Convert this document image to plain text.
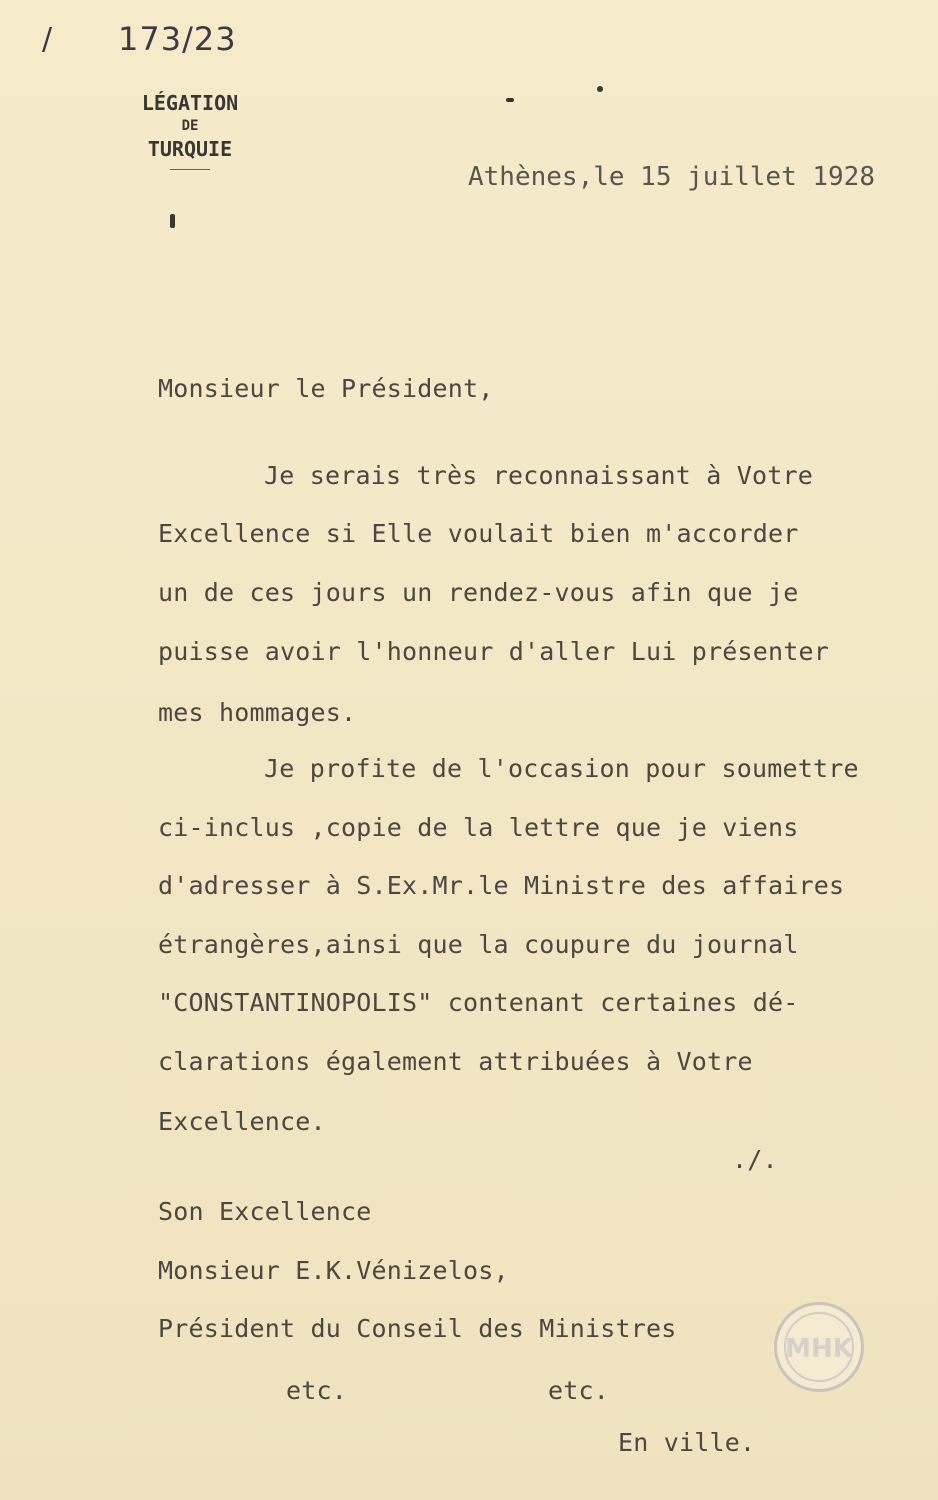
/ 173/23
LÉGATION
DE
TURQUIE
Athènes,le 15 juillet 1928
Monsieur le Président,
Je serais très reconnaissant à Votre
Excellence si Elle voulait bien m'accorder
un de ces jours un rendez-vous afin que je
puisse avoir l'honneur d'aller Lui présenter
mes hommages.
Je profite de l'occasion pour soumettre
ci-inclus ,copie de la lettre que je viens
d'adresser à S.Ex.Mr.le Ministre des affaires
étrangères,ainsi que la coupure du journal
"CONSTANTINOPOLIS" contenant certaines dé-
clarations également attribuées à Votre
Excellence.
./.
Son Excellence
Monsieur E.K.Vénizelos,
Président du Conseil des Ministres
etc.	etc.
En ville.
ΜΗΚ
